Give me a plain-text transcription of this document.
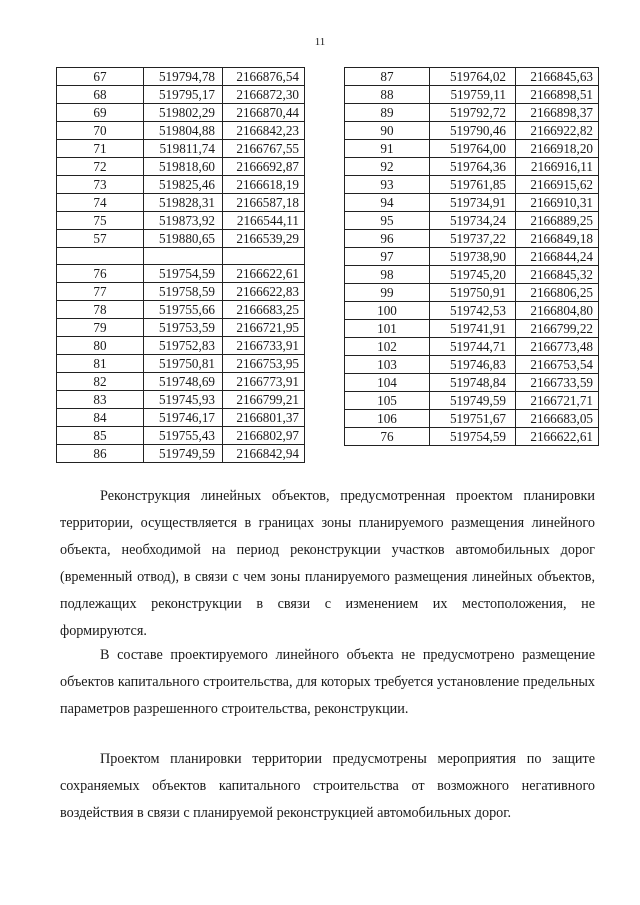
11
67	519794,78	2166876,54
68	519795,17	2166872,30
69	519802,29	2166870,44
70	519804,88	2166842,23
71	519811,74	2166767,55
72	519818,60	2166692,87
73	519825,46	2166618,19
74	519828,31	2166587,18
75	519873,92	2166544,11
57	519880,65	2166539,29

76	519754,59	2166622,61
77	519758,59	2166622,83
78	519755,66	2166683,25
79	519753,59	2166721,95
80	519752,83	2166733,91
81	519750,81	2166753,95
82	519748,69	2166773,91
83	519745,93	2166799,21
84	519746,17	2166801,37
85	519755,43	2166802,97
86	519749,59	2166842,94
87	519764,02	2166845,63
88	519759,11	2166898,51
89	519792,72	2166898,37
90	519790,46	2166922,82
91	519764,00	2166918,20
92	519764,36	2166916,11
93	519761,85	2166915,62
94	519734,91	2166910,31
95	519734,24	2166889,25
96	519737,22	2166849,18
97	519738,90	2166844,24
98	519745,20	2166845,32
99	519750,91	2166806,25
100	519742,53	2166804,80
101	519741,91	2166799,22
102	519744,71	2166773,48
103	519746,83	2166753,54
104	519748,84	2166733,59
105	519749,59	2166721,71
106	519751,67	2166683,05
76	519754,59	2166622,61

Реконструкция линейных объектов, предусмотренная проектом планировки территории, осуществляется в границах зоны планируемого размещения линейного объекта, необходимой на период реконструкции участков автомобильных дорог (временный отвод), в связи с чем зоны планируемого размещения линейных объектов, подлежащих реконструкции в связи с изменением их местоположения, не формируются.

В составе проектируемого линейного объекта не предусмотрено размещение объектов капитального строительства, для которых требуется установление предельных параметров разрешенного строительства, реконструкции.

Проектом планировки территории предусмотрены мероприятия по защите сохраняемых объектов капитального строительства от возможного негативного воздействия в связи с планируемой реконструкцией автомобильных дорог.
